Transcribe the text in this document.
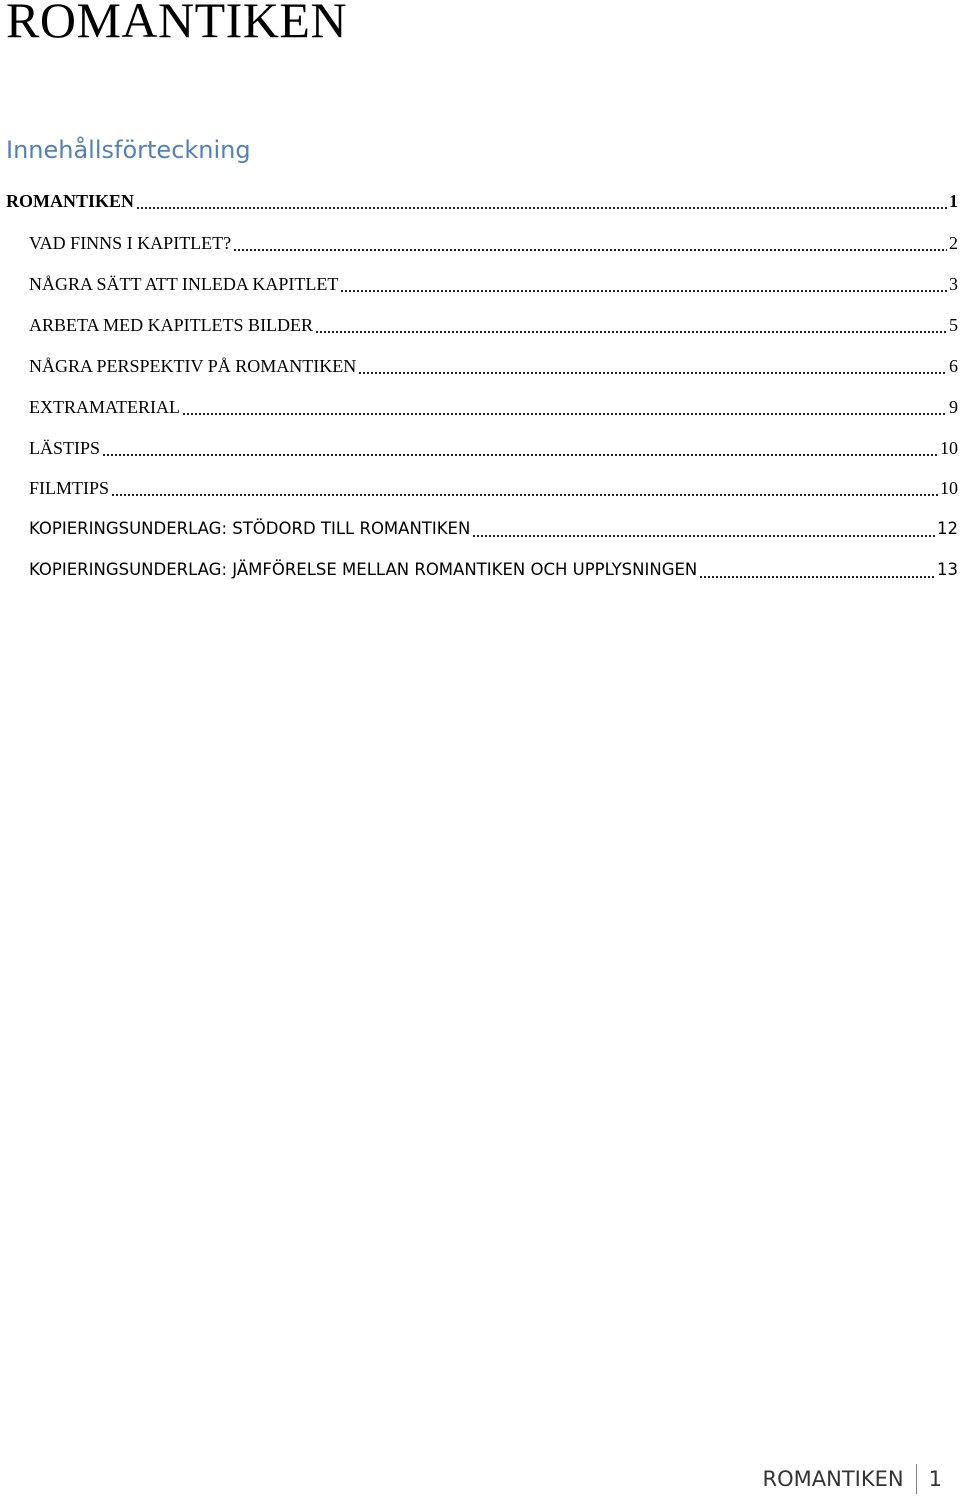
ROMANTIKEN
Innehållsförteckning
ROMANTIKEN	1
VAD FINNS I KAPITLET?	2
NÅGRA SÄTT ATT INLEDA KAPITLET	3
ARBETA MED KAPITLETS BILDER	5
NÅGRA PERSPEKTIV PÅ ROMANTIKEN	6
EXTRAMATERIAL	9
LÄSTIPS	10
FILMTIPS	10
KOPIERINGSUNDERLAG: STÖDORD TILL ROMANTIKEN	12
KOPIERINGSUNDERLAG: JÄMFÖRELSE MELLAN ROMANTIKEN OCH UPPLYSNINGEN	13
ROMANTIKEN	1
